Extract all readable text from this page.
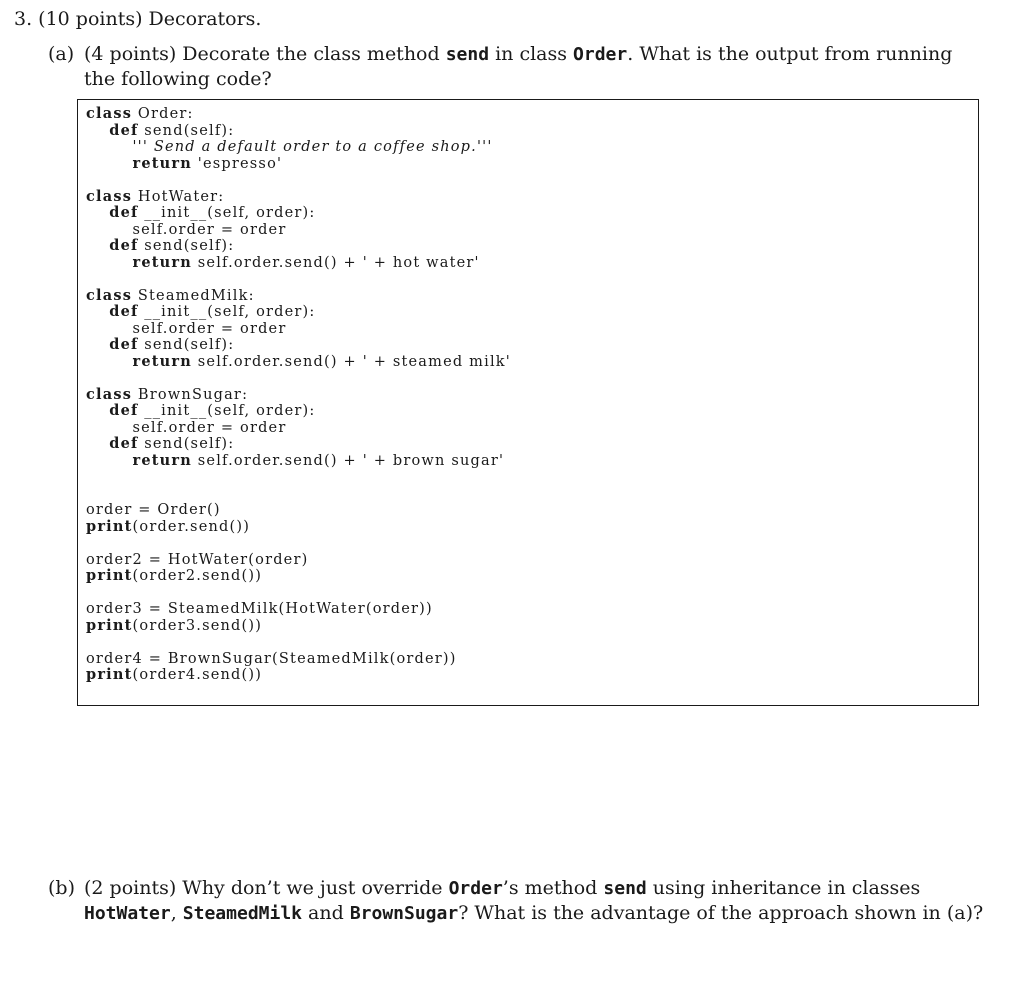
3. (10 points) Decorators.
(a) (4 points) Decorate the class method send in class Order. What is the output from running the following code?
class Order:
def send(self):
''' Send a default order to a coffee shop.'''
return 'espresso'

class HotWater:
def __init__(self, order):
self.order = order
def send(self):
return self.order.send() + ' + hot water'

class SteamedMilk:
def __init__(self, order):
self.order = order
def send(self):
return self.order.send() + ' + steamed milk'

class BrownSugar:
def __init__(self, order):
self.order = order
def send(self):
return self.order.send() + ' + brown sugar'

order = Order()
print(order.send())

order2 = HotWater(order)
print(order2.send())

order3 = SteamedMilk(HotWater(order))
print(order3.send())

order4 = BrownSugar(SteamedMilk(order))
print(order4.send())
(b) (2 points) Why don’t we just override Order’s method send using inheritance in classes HotWater, SteamedMilk and BrownSugar? What is the advantage of the approach shown in (a)?
